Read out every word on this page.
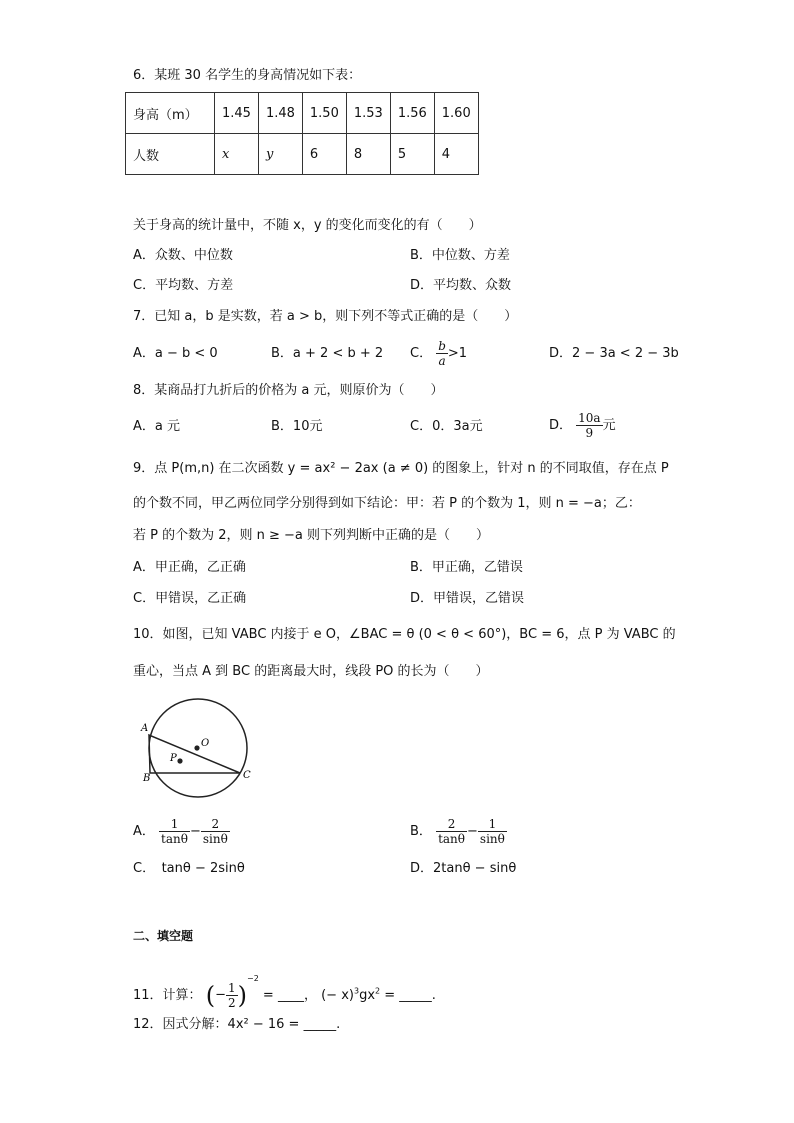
6．某班 30 名学生的身高情况如下表：
身高（m）	1.45	1.48	1.50	1.53	1.56	1.60
人数	x	y	6	8	5	4
关于身高的统计量中，不随 x，y 的变化而变化的有（　　）
A．众数、中位数	B．中位数、方差
C．平均数、方差	D．平均数、众数
7．已知 a，b 是实数，若 a > b，则下列不等式正确的是（　　）
A．a − b < 0	B．a + 2 < b + 2 C． $\frac{b}{a} >1$	D．2 − 3a < 2 − 3b
8．某商品打九折后的价格为 a 元，则原价为（　　）
A．a 元	B．10元	C．0．3a元	D． $\frac{10a}{9}$ 元
9．点 P(m,n) 在二次函数 y = ax² − 2ax (a ≠ 0) 的图象上，针对 n 的不同取值，存在点 P
的个数不同，甲乙两位同学分别得到如下结论：甲：若 P 的个数为 1，则 n = −a；乙：
若 P 的个数为 2，则 n ≥ −a 则下列判断中正确的是（　　）
A．甲正确，乙正确	B．甲正确，乙错误
C．甲错误，乙正确	D．甲错误，乙错误
10．如图，已知 VABC 内接于 e O，∠BAC = θ (0 < θ < 60°)，BC = 6，点 P 为 VABC 的
重心，当点 A 到 BC 的距离最大时，线段 PO 的长为（　　）
A
B	C
O
P
A． $\frac{1}{\tan\theta} - \frac{2}{\sin\theta}$	B． $\frac{2}{\tan\theta} - \frac{1}{\sin\theta}$
C．　tanθ − 2sinθ	D．2tanθ − sinθ
二、填空题
11．计算： (− $\frac{1}{2} )^{-2}$ = ____， (− $x)^3gx^2$ = _____.
12．因式分解：4x² − 16 = _____.
